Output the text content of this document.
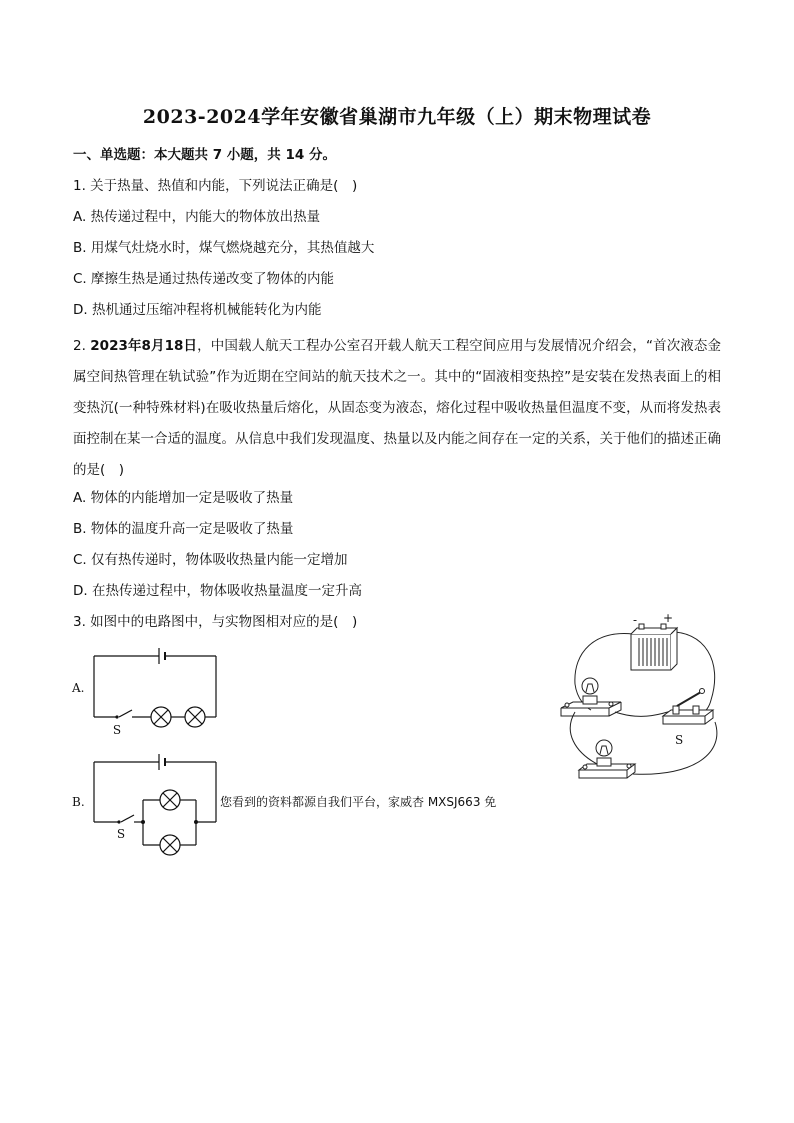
2023-2024学年安徽省巢湖市九年级（上）期末物理试卷
一、单选题：本大题共 7 小题，共 14 分。
1. 关于热量、热值和内能，下列说法正确是(　)
A. 热传递过程中，内能大的物体放出热量
B. 用煤气灶烧水时，煤气燃烧越充分，其热值越大
C. 摩擦生热是通过热传递改变了物体的内能
D. 热机通过压缩冲程将机械能转化为内能
2. 2023年8月18日，中国载人航天工程办公室召开载人航天工程空间应用与发展情况介绍会，“首次液态金属空间热管理在轨试验”作为近期在空间站的航天技术之一。其中的“固液相变热控”是安装在发热表面上的相变热沉(一种特殊材料)在吸收热量后熔化，从固态变为液态，熔化过程中吸收热量但温度不变，从而将发热表面控制在某一合适的温度。从信息中我们发现温度、热量以及内能之间存在一定的关系，关于他们的描述正确的是(　)
A. 物体的内能增加一定是吸收了热量
B. 物体的温度升高一定是吸收了热量
C. 仅有热传递时，物体吸收热量内能一定增加
D. 在热传递过程中，物体吸收热量温度一定升高
3. 如图中的电路图中，与实物图相对应的是(　)
A.
S
B.
S
您看到的资料都源自我们平台，家威杏 MXSJ663 免
+
-
S
